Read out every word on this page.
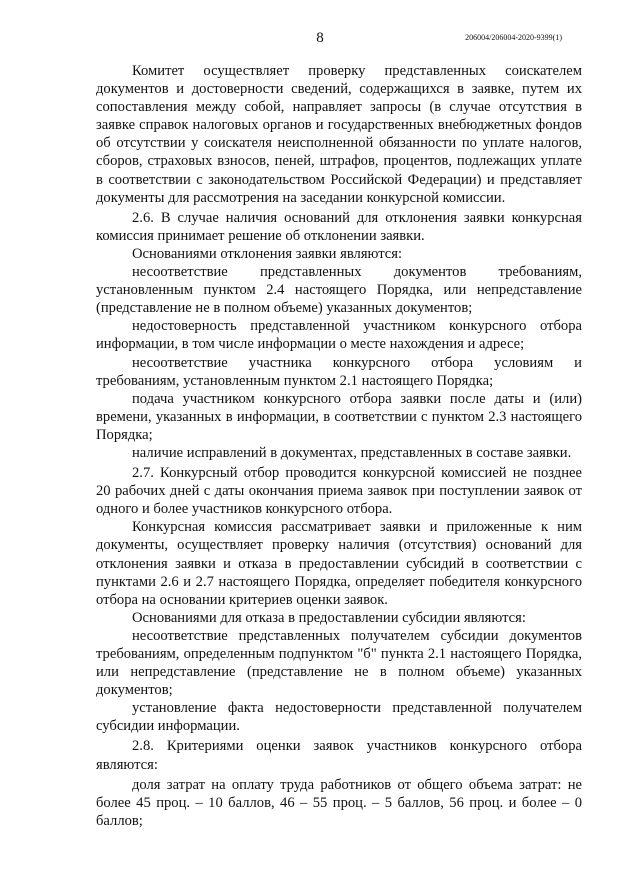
8	206004/206004-2020-9399(1)

Комитет осуществляет проверку представленных соискателем документов и достоверности сведений, содержащихся в заявке, путем их сопоставления между собой, направляет запросы (в случае отсутствия в заявке справок налоговых органов и государственных внебюджетных фондов об отсутствии у соискателя неисполненной обязанности по уплате налогов, сборов, страховых взносов, пеней, штрафов, процентов, подлежащих уплате в соответствии с законодательством Российской Федерации) и представляет документы для рассмотрения на заседании конкурсной комиссии.

2.6. В случае наличия оснований для отклонения заявки конкурсная комиссия принимает решение об отклонении заявки.

Основаниями отклонения заявки являются:

несоответствие представленных документов требованиям, установленным пунктом 2.4 настоящего Порядка, или непредставление (представление не в полном объеме) указанных документов;

недостоверность представленной участником конкурсного отбора информации, в том числе информации о месте нахождения и адресе;

несоответствие участника конкурсного отбора условиям и требованиям, установленным пунктом 2.1 настоящего Порядка;

подача участником конкурсного отбора заявки после даты и (или) времени, указанных в информации, в соответствии с пунктом 2.3 настоящего Порядка;

наличие исправлений в документах, представленных в составе заявки.

2.7. Конкурсный отбор проводится конкурсной комиссией не позднее 20 рабочих дней с даты окончания приема заявок при поступлении заявок от одного и более участников конкурсного отбора.

Конкурсная комиссия рассматривает заявки и приложенные к ним документы, осуществляет проверку наличия (отсутствия) оснований для отклонения заявки и отказа в предоставлении субсидий в соответствии с пунктами 2.6 и 2.7 настоящего Порядка, определяет победителя конкурсного отбора на основании критериев оценки заявок.

Основаниями для отказа в предоставлении субсидии являются:

несоответствие представленных получателем субсидии документов требованиям, определенным подпунктом "б" пункта 2.1 настоящего Порядка, или непредставление (представление не в полном объеме) указанных документов;

установление факта недостоверности представленной получателем субсидии информации.

2.8. Критериями оценки заявок участников конкурсного отбора являются:

доля затрат на оплату труда работников от общего объема затрат: не более 45 проц. – 10 баллов, 46 – 55 проц. – 5 баллов, 56 проц. и более – 0 баллов;
